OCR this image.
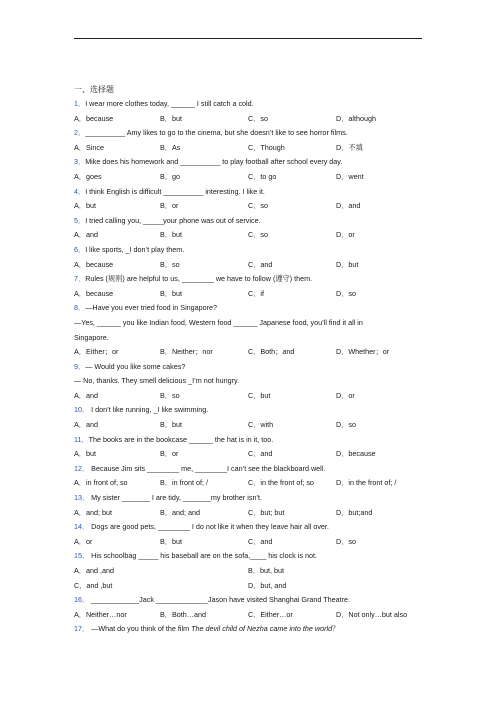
一、选择题
1．I wear more clothes today, ______ I still catch a cold.
A．because	B．but	C．so	D．although
2．__________ Amy likes to go to the cinema, but she doesn’t like to see horror films.
A．Since	B．As	C．Though	D．不填
3．Mike does his homework and __________ to play football after school every day.
A．goes	B．go	C．to go	D．went
4．I think English is difficult __________ interesting. I like it.
A．but	B．or	C．so	D．and
5．I tried calling you, _____your phone was out of service.
A．and	B．but	C．so	D．or
6．I like sports, _I don’t play them.
A．because	B．so	C．and	D．but
7．Rules (规则) are helpful to us, ________ we have to follow (遵守) them.
A．because	B．but	C．if	D．so
8．—Have you ever tried food in Singapore?
—Yes, ______ you like Indian food, Western food ______ Japanese food, you’ll find it all in
Singapore.
A．Either；or	B．Neither；nor	C．Both；and	D．Whether；or
9．— Would you like some cakes?
— No, thanks. They smell delicious _I’m not hungry.
A．and	B．so	C．but	D．or
10． I don’t like running, _I like swimming.
A．and	B．but	C．with	D．so
11．The books are in the bookcase ______ the hat is in it, too.
A．but	B．or	C．and	D．because
12． Because Jim sits ________ me, ________I can’t see the blackboard well.
A．in front of; so	B．in front of; /	C．in the front of; so	D．in the front of; /
13． My sister _______ I are tidy, _______my brother isn’t.
A．and; but	B．and; and	C．but; but	D．but;and
14． Dogs are good pets, ________ I do not like it when they leave hair all over.
A．or	B．but	C．and	D．so
15． His schoolbag _____ his baseball are on the sofa,____ his clock is not.
A．and ,and	B．but, but
C．and ,but	D．but, and
16． ____________Jack _____________Jason have visited Shanghai Grand Theatre.
A．Neither…nor	B．Both…and	C．Either…or	D．Not only…but also
17． —What do you think of the film The devil child of Nezha came into the world？
